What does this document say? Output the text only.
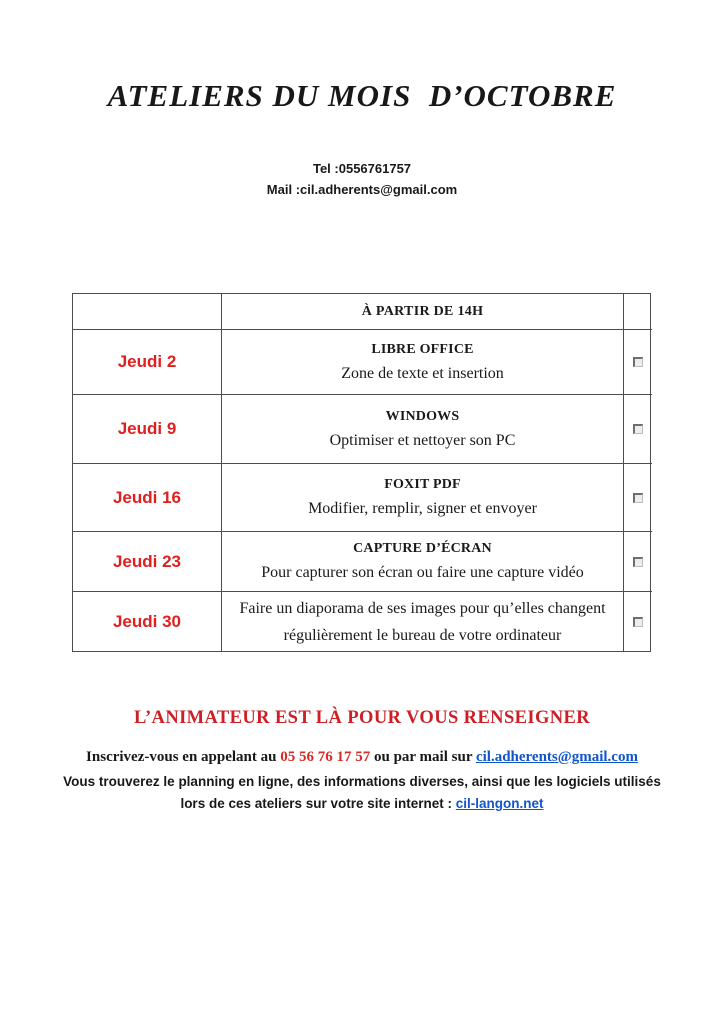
ATELIERS DU MOIS  D’OCTOBRE
Tel :0556761757
Mail :cil.adherents@gmail.com
À PARTIR DE 14H
Jeudi 2
LIBRE OFFICE
Zone de texte et insertion
Jeudi 9
WINDOWS
Optimiser et nettoyer son PC
Jeudi 16
FOXIT PDF
Modifier, remplir, signer et envoyer
Jeudi 23
CAPTURE D’ÉCRAN
Pour capturer son écran ou faire une capture vidéo
Jeudi 30
Faire un diaporama de ses images pour qu’elles changent régulièrement le bureau de votre ordinateur
L’ANIMATEUR EST LÀ POUR VOUS RENSEIGNER
Inscrivez-vous en appelant au 05 56 76 17 57 ou par mail sur cil.adherents@gmail.com
Vous trouverez le planning en ligne, des informations diverses, ainsi que les logiciels utilisés lors de ces ateliers sur votre site internet : cil-langon.net
